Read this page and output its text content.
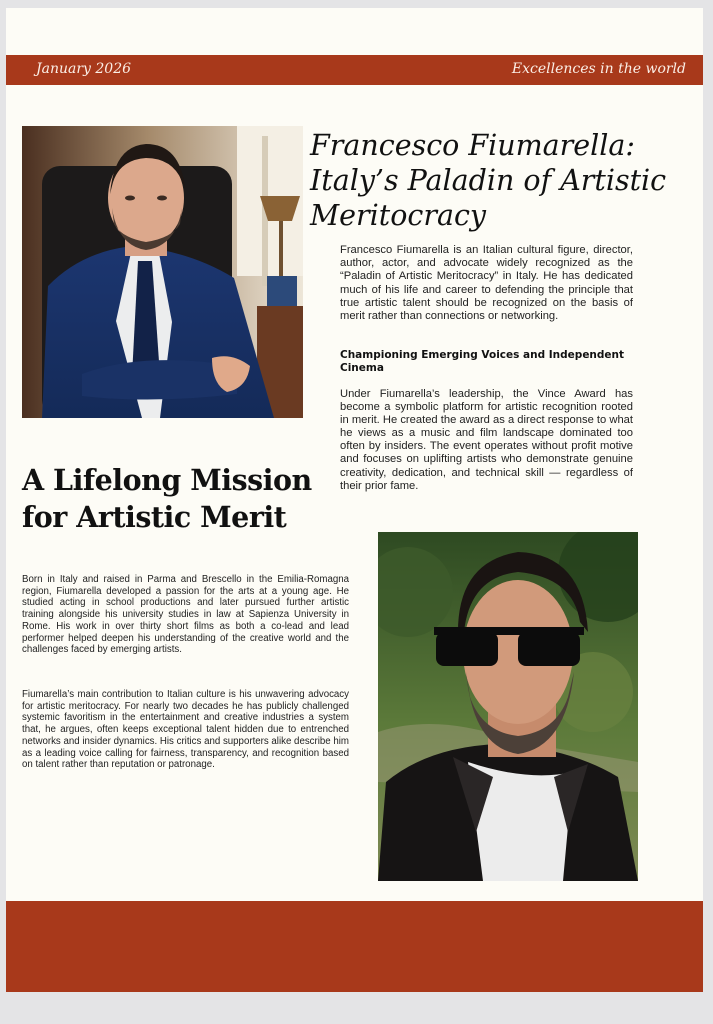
January 2026	Excellences in the world
Francesco Fiumarella: Italy’s Paladin of Artistic Meritocracy

Francesco Fiumarella is an Italian cultural figure, director, author, actor, and advocate widely recognized as the “Paladin of Artistic Meritocracy” in Italy. He has dedicated much of his life and career to defending the principle that true artistic talent should be recognized on the basis of merit rather than connections or networking.

Championing Emerging Voices and Independent Cinema

Under Fiumarella’s leadership, the Vince Award has become a symbolic platform for artistic recognition rooted in merit. He created the award as a direct response to what he views as a music and film landscape dominated too often by insiders. The event operates without profit motive and focuses on uplifting artists who demonstrate genuine creativity, dedication, and technical skill — regardless of their prior fame.

A Lifelong Mission for Artistic Merit

Born in Italy and raised in Parma and Brescello in the Emilia-Romagna region, Fiumarella developed a passion for the arts at a young age. He studied acting in school productions and later pursued further artistic training alongside his university studies in law at Sapienza University in Rome. His work in over thirty short films as both a co-lead and lead performer helped deepen his understanding of the creative world and the challenges faced by emerging artists.

Fiumarella’s main contribution to Italian culture is his unwavering advocacy for artistic meritocracy. For nearly two decades he has publicly challenged systemic favoritism in the entertainment and creative industries a system that, he argues, often keeps exceptional talent hidden due to entrenched networks and insider dynamics. His critics and supporters alike describe him as a leading voice calling for fairness, transparency, and recognition based on talent rather than reputation or patronage.
